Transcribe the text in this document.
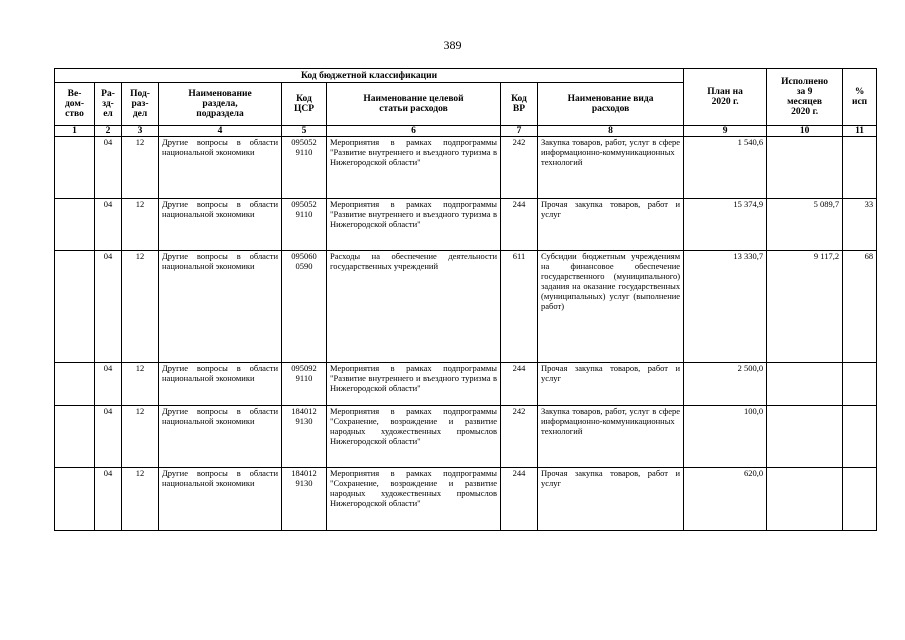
389
Код бюджетной классификации								План на
2020 г.	Исполнено
за 9
месяцев
2020 г.	%
исп
Ве-
дом-
ство	Ра-
зд-
ел	Под-
раз-
дел	Наименование
раздела,
подраздела	Код
ЦСР	Наименование целевой
статьи расходов	Код
ВР	Наименование вида
расходов			
1	2	3	4	5	6	7	8	9	10	11
	04	12	Другие вопросы в области национальной экономики	095052
9110	Мероприятия в рамках подпрограммы "Развитие внутреннего и въездного туризма в Нижегородской области"	242	Закупка товаров, работ, услуг в сфере информационно-коммуникационных технологий	1 540,6		
	04	12	Другие вопросы в области национальной экономики	095052
9110	Мероприятия в рамках подпрограммы "Развитие внутреннего и въездного туризма в Нижегородской области"	244	Прочая закупка товаров, работ и услуг	15 374,9	5 089,7	33
	04	12	Другие вопросы в области национальной экономики	095060
0590	Расходы на обеспечение деятельности государственных учреждений	611	Субсидии бюджетным учреждениям на финансовое обеспечение государственного (муниципального) задания на оказание государственных (муниципальных) услуг (выполнение работ)	13 330,7	9 117,2	68
	04	12	Другие вопросы в области национальной экономики	095092
9110	Мероприятия в рамках подпрограммы "Развитие внутреннего и въездного туризма в Нижегородской области"	244	Прочая закупка товаров, работ и услуг	2 500,0		
	04	12	Другие вопросы в области национальной экономики	184012
9130	Мероприятия в рамках подпрограммы "Сохранение, возрождение и развитие народных художественных промыслов Нижегородской области"	242	Закупка товаров, работ, услуг в сфере информационно-коммуникационных технологий	100,0		
	04	12	Другие вопросы в области национальной экономики	184012
9130	Мероприятия в рамках подпрограммы "Сохранение, возрождение и развитие народных художественных промыслов Нижегородской области"	244	Прочая закупка товаров, работ и услуг	620,0		
